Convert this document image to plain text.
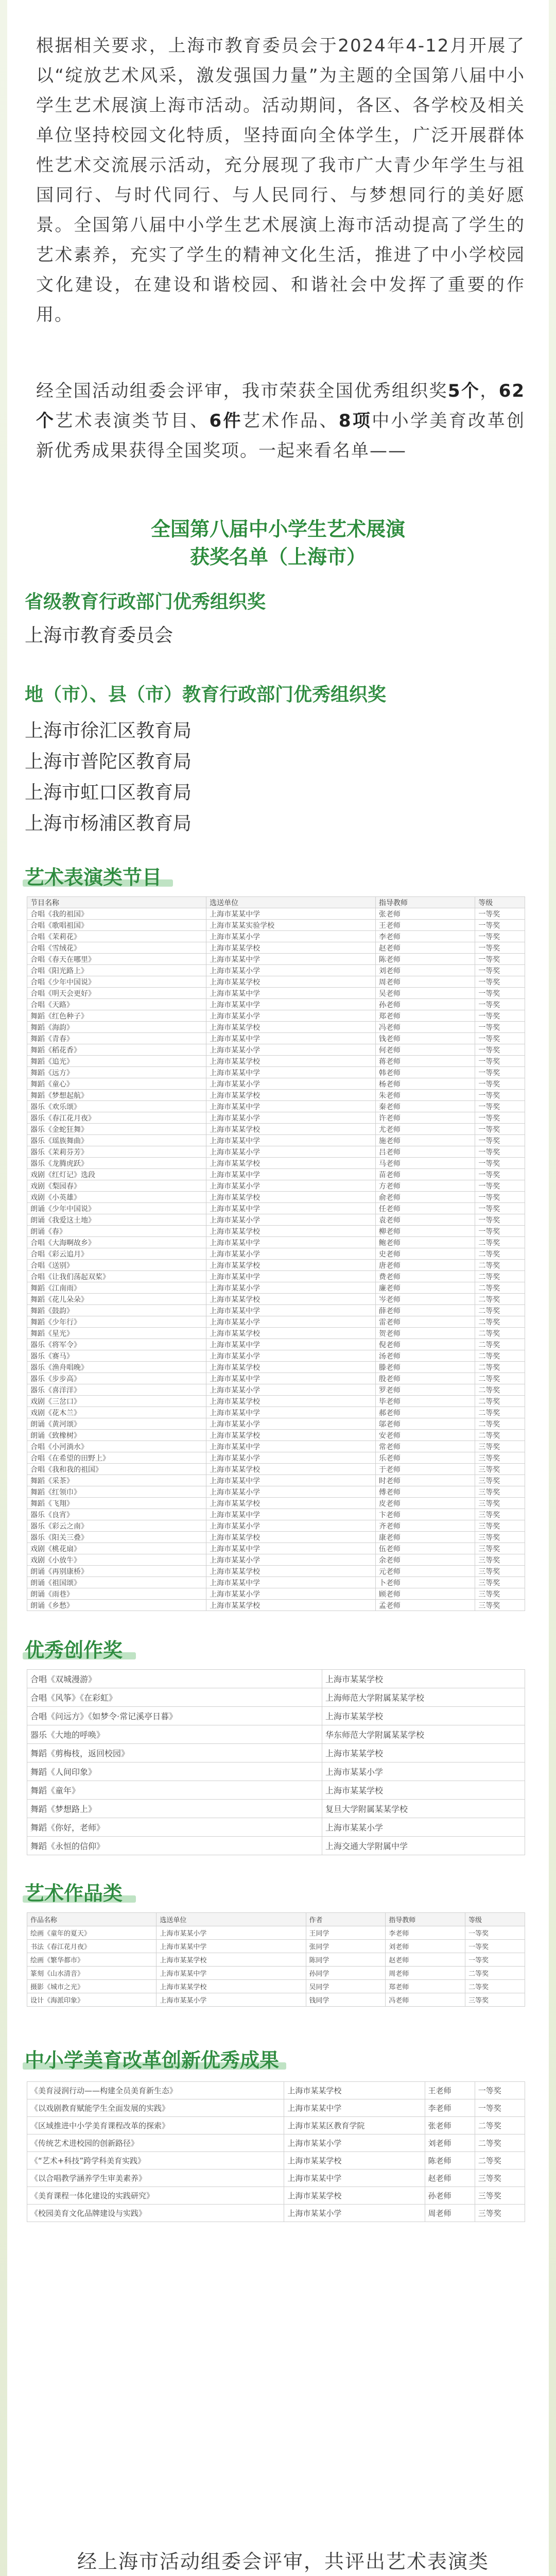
根据相关要求，上海市教育委员会于2024年4-12月开展了以“绽放艺术风采，激发强国力量”为主题的全国第八届中小学生艺术展演上海市活动。活动期间，各区、各学校及相关单位坚持校园文化特质，坚持面向全体学生，广泛开展群体性艺术交流展示活动，充分展现了我市广大青少年学生与祖国同行、与时代同行、与人民同行、与梦想同行的美好愿景。全国第八届中小学生艺术展演上海市活动提高了学生的艺术素养，充实了学生的精神文化生活，推进了中小学校园文化建设，在建设和谐校园、和谐社会中发挥了重要的作用。
经全国活动组委会评审，我市荣获全国优秀组织奖5个，62个艺术表演类节目、6件艺术作品、8项中小学美育改革创新优秀成果获得全国奖项。一起来看名单——
全国第八届中小学生艺术展演获奖名单（上海市）
省级教育行政部门优秀组织奖
上海市教育委员会
地（市）、县（市）教育行政部门优秀组织奖
上海市徐汇区教育局
上海市普陀区教育局
上海市虹口区教育局
上海市杨浦区教育局
艺术表演类节目
节目名称	选送单位	指导教师	等级
合唱《我的祖国》	上海市某某中学	张老师	一等奖
合唱《歌唱祖国》	上海市某某实验学校	王老师	一等奖
合唱《茉莉花》	上海市某某小学	李老师	一等奖
合唱《雪绒花》	上海市某某学校	赵老师	一等奖
合唱《春天在哪里》	上海市某某中学	陈老师	一等奖
合唱《阳光路上》	上海市某某小学	刘老师	一等奖
合唱《少年中国说》	上海市某某学校	周老师	一等奖
合唱《明天会更好》	上海市某某中学	吴老师	一等奖
合唱《天路》	上海市某某中学	孙老师	一等奖
舞蹈《红色种子》	上海市某某小学	郑老师	一等奖
舞蹈《海韵》	上海市某某学校	冯老师	一等奖
舞蹈《青春》	上海市某某中学	钱老师	一等奖
舞蹈《稻花香》	上海市某某小学	何老师	一等奖
舞蹈《追光》	上海市某某学校	蒋老师	一等奖
舞蹈《远方》	上海市某某中学	韩老师	一等奖
舞蹈《童心》	上海市某某小学	杨老师	一等奖
舞蹈《梦想起航》	上海市某某学校	朱老师	一等奖
器乐《欢乐颂》	上海市某某中学	秦老师	一等奖
器乐《春江花月夜》	上海市某某小学	许老师	一等奖
器乐《金蛇狂舞》	上海市某某学校	尤老师	一等奖
器乐《瑶族舞曲》	上海市某某中学	施老师	一等奖
器乐《茉莉芬芳》	上海市某某小学	吕老师	一等奖
器乐《龙腾虎跃》	上海市某某学校	马老师	一等奖
戏剧《红灯记》选段	上海市某某中学	苗老师	一等奖
戏剧《梨园春》	上海市某某小学	方老师	一等奖
戏剧《小英雄》	上海市某某学校	俞老师	一等奖
朗诵《少年中国说》	上海市某某中学	任老师	一等奖
朗诵《我爱这土地》	上海市某某小学	袁老师	一等奖
朗诵《春》	上海市某某学校	柳老师	一等奖
合唱《大海啊故乡》	上海市某某中学	鲍老师	二等奖
合唱《彩云追月》	上海市某某小学	史老师	二等奖
合唱《送别》	上海市某某学校	唐老师	二等奖
合唱《让我们荡起双桨》	上海市某某中学	费老师	二等奖
舞蹈《江南雨》	上海市某某小学	廉老师	二等奖
舞蹈《花儿朵朵》	上海市某某学校	岑老师	二等奖
舞蹈《鼓韵》	上海市某某中学	薛老师	二等奖
舞蹈《少年行》	上海市某某小学	雷老师	二等奖
舞蹈《星光》	上海市某某学校	贺老师	二等奖
器乐《将军令》	上海市某某中学	倪老师	二等奖
器乐《赛马》	上海市某某小学	汤老师	二等奖
器乐《渔舟唱晚》	上海市某某学校	滕老师	二等奖
器乐《步步高》	上海市某某中学	殷老师	二等奖
器乐《喜洋洋》	上海市某某小学	罗老师	二等奖
戏剧《三岔口》	上海市某某学校	毕老师	二等奖
戏剧《花木兰》	上海市某某中学	郝老师	二等奖
朗诵《黄河颂》	上海市某某小学	邬老师	二等奖
朗诵《致橡树》	上海市某某学校	安老师	二等奖
合唱《小河淌水》	上海市某某中学	常老师	三等奖
合唱《在希望的田野上》	上海市某某小学	乐老师	三等奖
合唱《我和我的祖国》	上海市某某学校	于老师	三等奖
舞蹈《采茶》	上海市某某中学	时老师	三等奖
舞蹈《红领巾》	上海市某某小学	傅老师	三等奖
舞蹈《飞翔》	上海市某某学校	皮老师	三等奖
器乐《良宵》	上海市某某中学	卞老师	三等奖
器乐《彩云之南》	上海市某某小学	齐老师	三等奖
器乐《阳关三叠》	上海市某某学校	康老师	三等奖
戏剧《桃花扇》	上海市某某中学	伍老师	三等奖
戏剧《小放牛》	上海市某某小学	余老师	三等奖
朗诵《再别康桥》	上海市某某学校	元老师	三等奖
朗诵《祖国颂》	上海市某某中学	卜老师	三等奖
朗诵《雨巷》	上海市某某小学	顾老师	三等奖
朗诵《乡愁》	上海市某某学校	孟老师	三等奖
优秀创作奖
合唱《双城漫游》	上海市某某学校
合唱《风筝》《在彩虹》	上海师范大学附属某某学校
合唱《问远方》《如梦令·常记溪亭日暮》	上海市某某学校
器乐《大地的呼唤》	华东师范大学附属某某学校
舞蹈《剪梅枝，返回校园》	上海市某某学校
舞蹈《人间印象》	上海市某某小学
舞蹈《童年》	上海市某某学校
舞蹈《梦想路上》	复旦大学附属某某学校
舞蹈《你好，老师》	上海市某某小学
舞蹈《永恒的信仰》	上海交通大学附属中学
艺术作品类
作品名称	选送单位	作者	指导教师	等级
绘画《童年的夏天》	上海市某某小学	王同学	李老师	一等奖
书法《春江花月夜》	上海市某某中学	张同学	刘老师	一等奖
绘画《繁华都市》	上海市某某学校	陈同学	赵老师	一等奖
篆刻《山水清音》	上海市某某中学	孙同学	周老师	二等奖
摄影《城市之光》	上海市某某学校	吴同学	郑老师	二等奖
设计《海派印象》	上海市某某小学	钱同学	冯老师	三等奖
中小学美育改革创新优秀成果
《美育浸润行动——构建全员美育新生态》	上海市某某学校	王老师	一等奖
《以戏剧教育赋能学生全面发展的实践》	上海市某某中学	李老师	一等奖
《区域推进中小学美育课程改革的探索》	上海市某某区教育学院	张老师	二等奖
《传统艺术进校园的创新路径》	上海市某某小学	刘老师	二等奖
《“艺术+科技”跨学科美育实践》	上海市某某学校	陈老师	二等奖
《以合唱教学涵养学生审美素养》	上海市某某中学	赵老师	三等奖
《美育课程一体化建设的实践研究》	上海市某某学校	孙老师	三等奖
《校园美育文化品牌建设与实践》	上海市某某小学	周老师	三等奖
经上海市活动组委会评审，共评出艺术表演类
